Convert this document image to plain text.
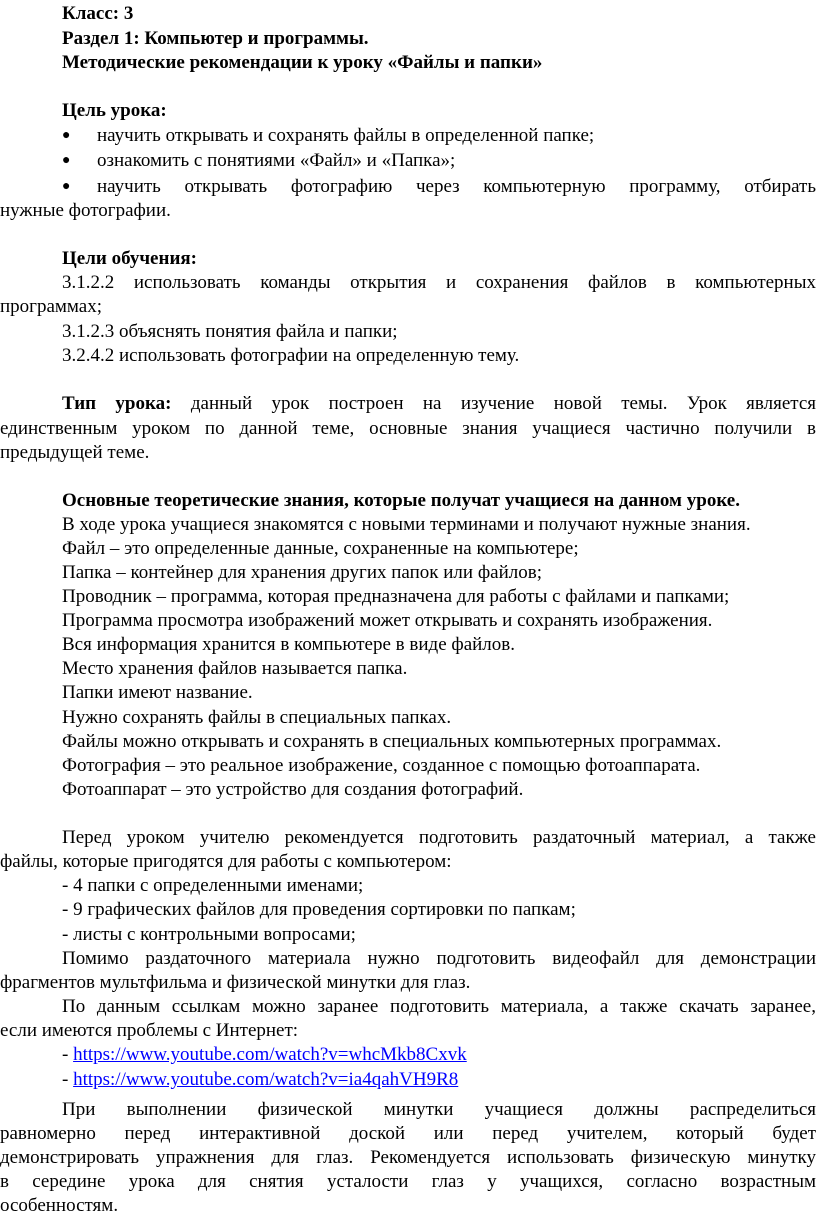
Класс: 3
Раздел 1: Компьютер и программы.
Методические рекомендации к уроку «Файлы и папки»
Цель урока:
● научить открывать и сохранять файлы в определенной папке;
● ознакомить с понятиями «Файл» и «Папка»;
● научить открывать фотографию через компьютерную программу, отбирать
нужные фотографии.
Цели обучения:
3.1.2.2 использовать команды открытия и сохранения файлов в компьютерных
программах;
3.1.2.3 объяснять понятия файла и папки;
3.2.4.2 использовать фотографии на определенную тему.
Тип урока: данный урок построен на изучение новой темы. Урок является
единственным уроком по данной теме, основные знания учащиеся частично получили в
предыдущей теме.
Основные теоретические знания, которые получат учащиеся на данном уроке.
В ходе урока учащиеся знакомятся с новыми терминами и получают нужные знания.
Файл – это определенные данные, сохраненные на компьютере;
Папка – контейнер для хранения других папок или файлов;
Проводник – программа, которая предназначена для работы с файлами и папками;
Программа просмотра изображений может открывать и сохранять изображения.
Вся информация хранится в компьютере в виде файлов.
Место хранения файлов называется папка.
Папки имеют название.
Нужно сохранять файлы в специальных папках.
Файлы можно открывать и сохранять в специальных компьютерных программах.
Фотография – это реальное изображение, созданное с помощью фотоаппарата.
Фотоаппарат – это устройство для создания фотографий.
Перед уроком учителю рекомендуется подготовить раздаточный материал, а также
файлы, которые пригодятся для работы с компьютером:
- 4 папки с определенными именами;
- 9 графических файлов для проведения сортировки по папкам;
- листы с контрольными вопросами;
Помимо раздаточного материала нужно подготовить видеофайл для демонстрации
фрагментов мультфильма и физической минутки для глаз.
По данным ссылкам можно заранее подготовить материала, а также скачать заранее,
если имеются проблемы с Интернет:
- https://www.youtube.com/watch?v=whcMkb8Cxvk
- https://www.youtube.com/watch?v=ia4qahVH9R8
При выполнении физической минутки учащиеся должны распределиться
равномерно перед интерактивной доской или перед учителем, который будет
демонстрировать упражнения для глаз. Рекомендуется использовать физическую минутку
в середине урока для снятия усталости глаз у учащихся, согласно возрастным
особенностям.
